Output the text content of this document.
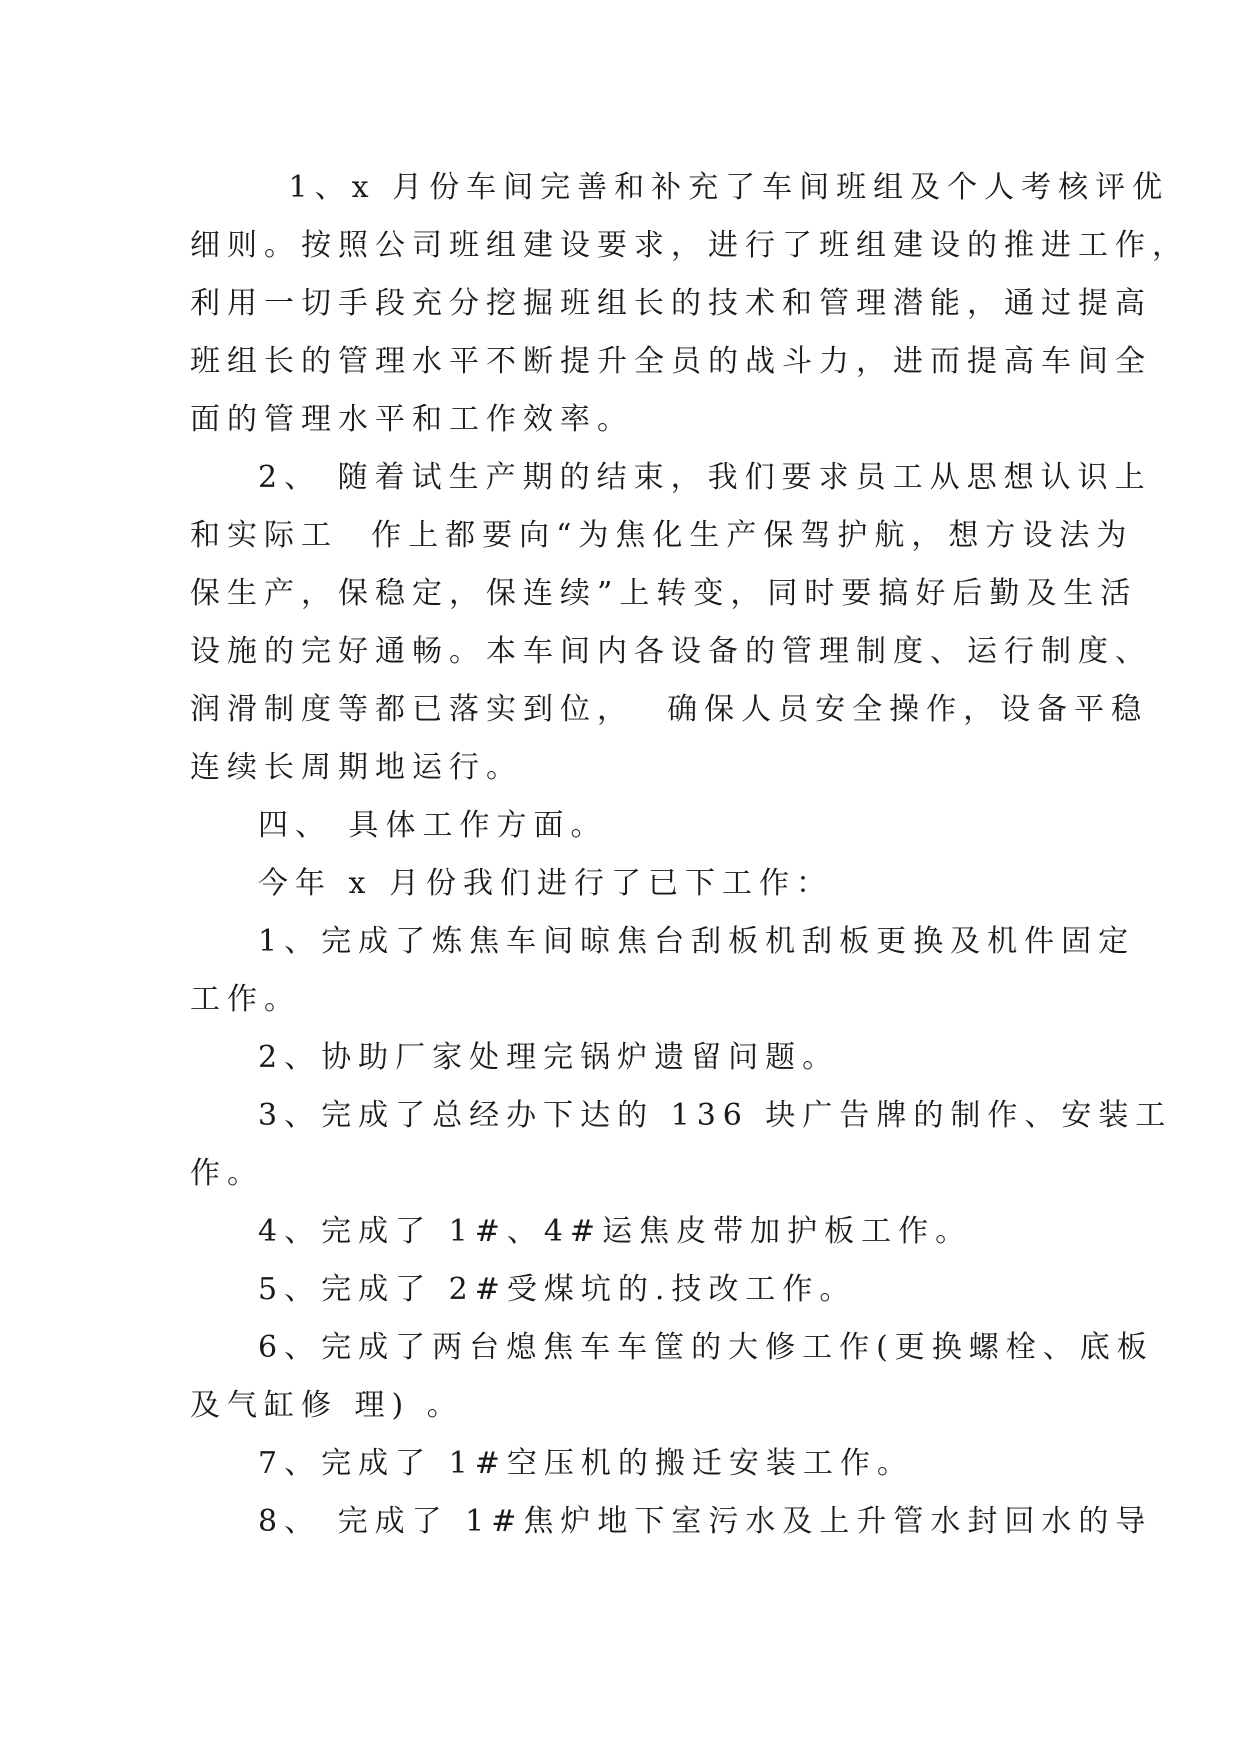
1、x 月份车间完善和补充了车间班组及个人考核评优
细则。按照公司班组建设要求，进行了班组建设的推进工作，
利用一切手段充分挖掘班组长的技术和管理潜能，通过提高
班组长的管理水平不断提升全员的战斗力，进而提高车间全
面的管理水平和工作效率。
2、 随着试生产期的结束，我们要求员工从思想认识上
和实际工  作上都要向“为焦化生产保驾护航，想方设法为
保生产，保稳定，保连续”上转变，同时要搞好后勤及生活
设施的完好通畅。本车间内各设备的管理制度、运行制度、
润滑制度等都已落实到位，  确保人员安全操作，设备平稳
连续长周期地运行。
四、 具体工作方面。
今年 x 月份我们进行了已下工作：
1、完成了炼焦车间晾焦台刮板机刮板更换及机件固定
工作。
2、协助厂家处理完锅炉遗留问题。
3、完成了总经办下达的 136 块广告牌的制作、安装工
作。
4、完成了 1#、4#运焦皮带加护板工作。
5、完成了 2#受煤坑的.技改工作。
6、完成了两台熄焦车车筐的大修工作(更换螺栓、底板
及气缸修 理) 。
7、完成了 1#空压机的搬迁安装工作。
8、 完成了 1#焦炉地下室污水及上升管水封回水的导
